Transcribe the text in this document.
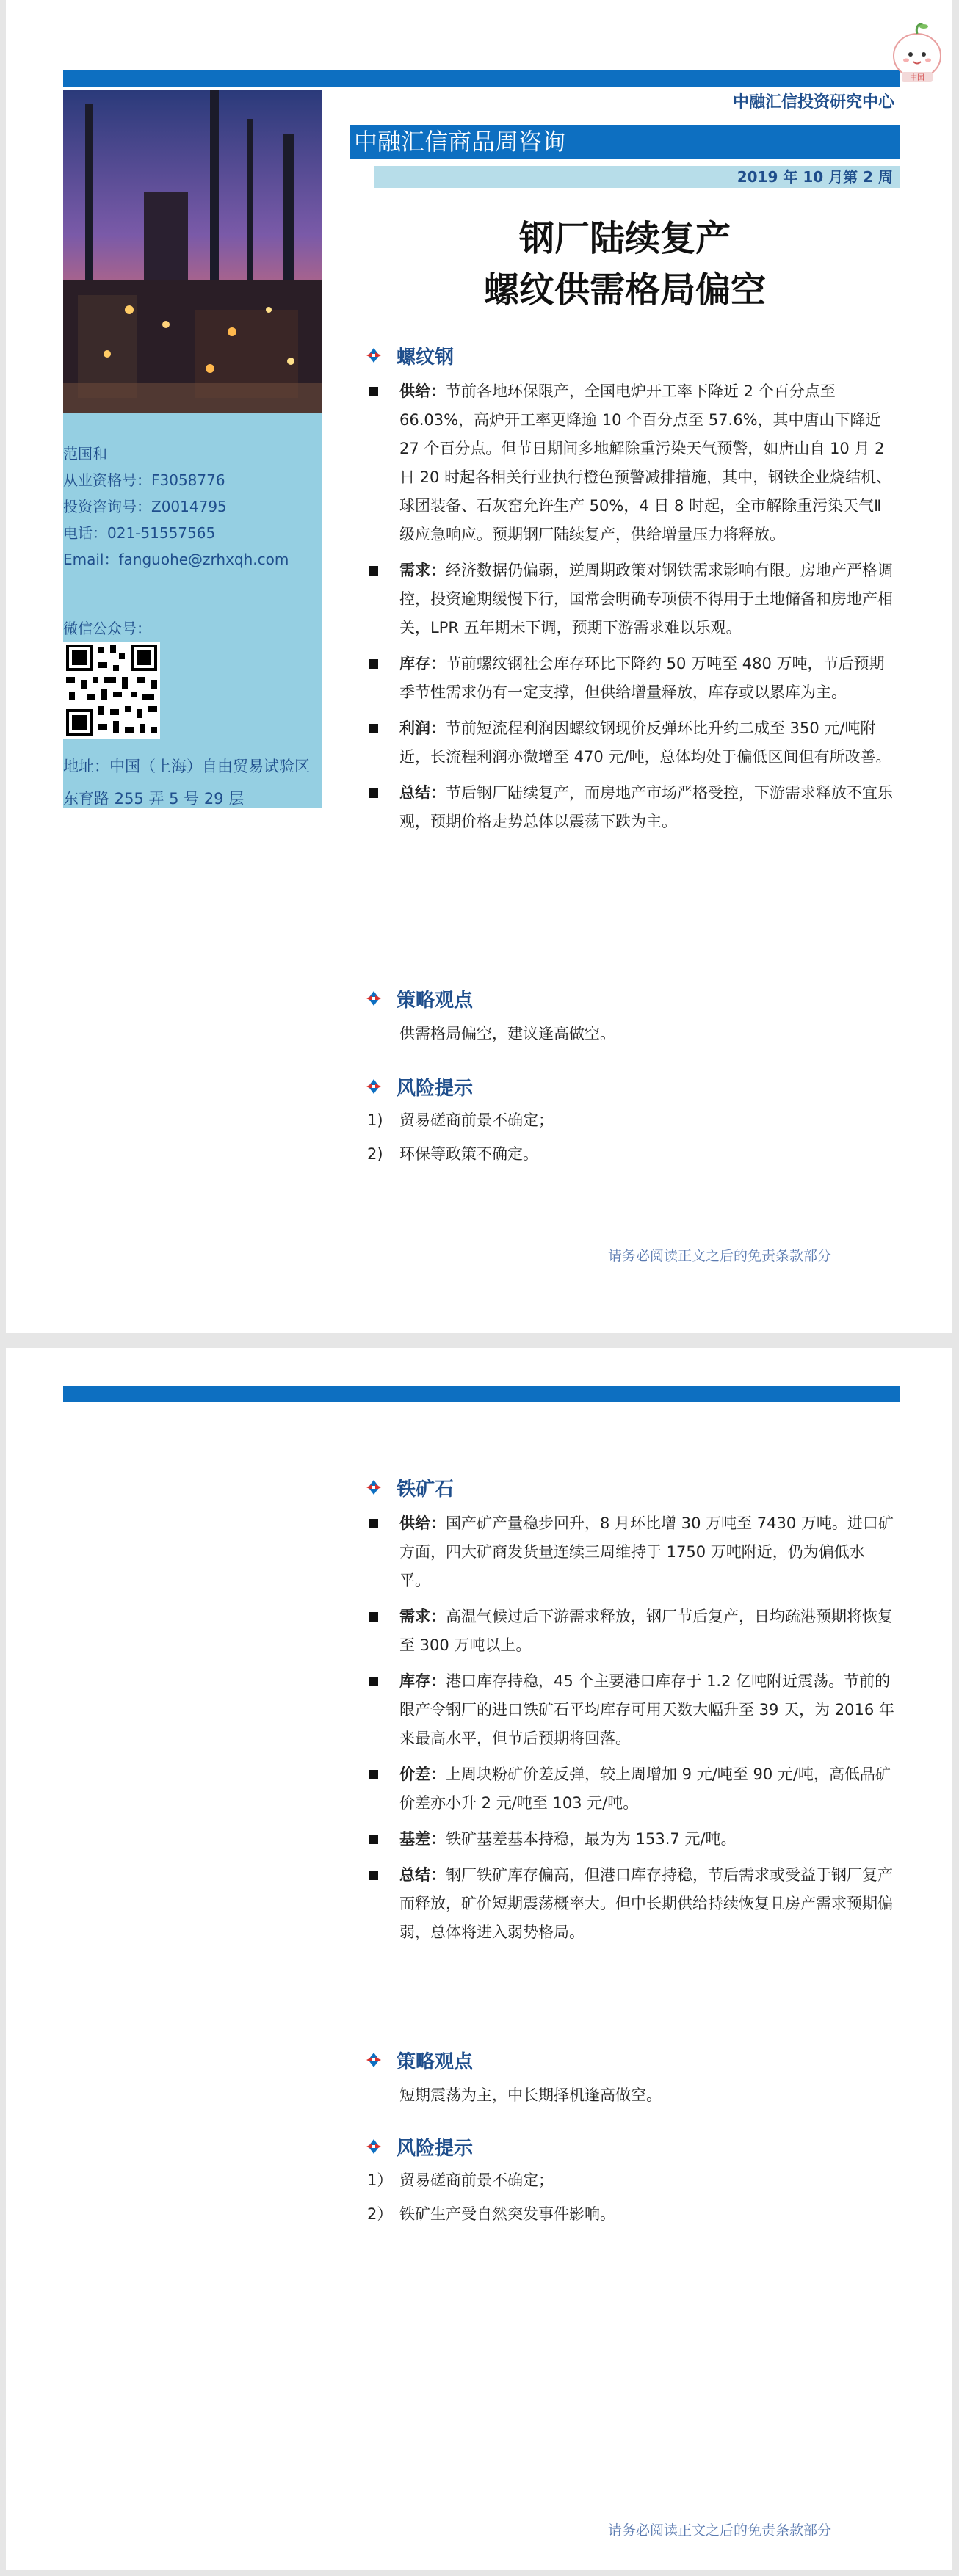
中融汇信投资研究中心
范国和
从业资格号：F3058776
投资咨询号：Z0014795
电话：021-51557565
Email：fanguohe@zrhxqh.com
微信公众号：
地址：中国（上海）自由贸易试验区东育路 255 弄 5 号 29 层
中融汇信商品周咨询
2019 年 10 月第 2 周
钢厂陆续复产
螺纹供需格局偏空
螺纹钢
供给：节前各地环保限产，全国电炉开工率下降近 2 个百分点至 66.03%，高炉开工率更降逾 10 个百分点至 57.6%，其中唐山下降近 27 个百分点。但节日期间多地解除重污染天气预警，如唐山自 10 月 2 日 20 时起各相关行业执行橙色预警减排措施，其中，钢铁企业烧结机、球团装备、石灰窑允许生产 50%，4 日 8 时起，全市解除重污染天气Ⅱ级应急响应。预期钢厂陆续复产，供给增量压力将释放。
需求：经济数据仍偏弱，逆周期政策对钢铁需求影响有限。房地产严格调控，投资逾期缓慢下行，国常会明确专项债不得用于土地储备和房地产相关，LPR 五年期未下调，预期下游需求难以乐观。
库存：节前螺纹钢社会库存环比下降约 50 万吨至 480 万吨，节后预期季节性需求仍有一定支撑，但供给增量释放，库存或以累库为主。
利润：节前短流程利润因螺纹钢现价反弹环比升约二成至 350 元/吨附近，长流程利润亦微增至 470 元/吨，总体均处于偏低区间但有所改善。
总结：节后钢厂陆续复产，而房地产市场严格受控，下游需求释放不宜乐观，预期价格走势总体以震荡下跌为主。
策略观点
供需格局偏空，建议逢高做空。
风险提示
1) 贸易磋商前景不确定；
2) 环保等政策不确定。
请务必阅读正文之后的免责条款部分
铁矿石
供给：国产矿产量稳步回升，8 月环比增 30 万吨至 7430 万吨。进口矿方面，四大矿商发货量连续三周维持于 1750 万吨附近，仍为偏低水平。
需求：高温气候过后下游需求释放，钢厂节后复产，日均疏港预期将恢复至 300 万吨以上。
库存：港口库存持稳，45 个主要港口库存于 1.2 亿吨附近震荡。节前的限产令钢厂的进口铁矿石平均库存可用天数大幅升至 39 天，为 2016 年来最高水平，但节后预期将回落。
价差：上周块粉矿价差反弹，较上周增加 9 元/吨至 90 元/吨，高低品矿价差亦小升 2 元/吨至 103 元/吨。
基差：铁矿基差基本持稳，最为为 153.7 元/吨。
总结：钢厂铁矿库存偏高，但港口库存持稳，节后需求或受益于钢厂复产而释放，矿价短期震荡概率大。但中长期供给持续恢复且房产需求预期偏弱，总体将进入弱势格局。
策略观点
短期震荡为主，中长期择机逢高做空。
风险提示
1） 贸易磋商前景不确定；
2） 铁矿生产受自然突发事件影响。
请务必阅读正文之后的免责条款部分
中国
